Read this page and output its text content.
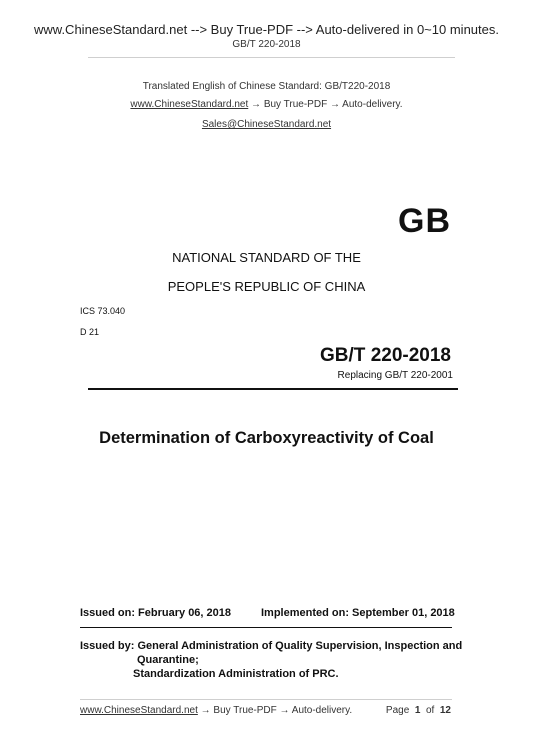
www.ChineseStandard.net --> Buy True-PDF --> Auto-delivered in 0~10 minutes.
GB/T 220-2018
Translated English of Chinese Standard: GB/T220-2018
www.ChineseStandard.net → Buy True-PDF → Auto-delivery.
Sales@ChineseStandard.net
GB
NATIONAL STANDARD OF THE
PEOPLE'S REPUBLIC OF CHINA
ICS 73.040
D 21
GB/T 220-2018
Replacing GB/T 220-2001
Determination of Carboxyreactivity of Coal
Issued on: February 06, 2018	Implemented on: September 01, 2018
Issued by: General Administration of Quality Supervision, Inspection and
Quarantine;
Standardization Administration of PRC.
www.ChineseStandard.net → Buy True-PDF → Auto-delivery.	Page 1 of 12
